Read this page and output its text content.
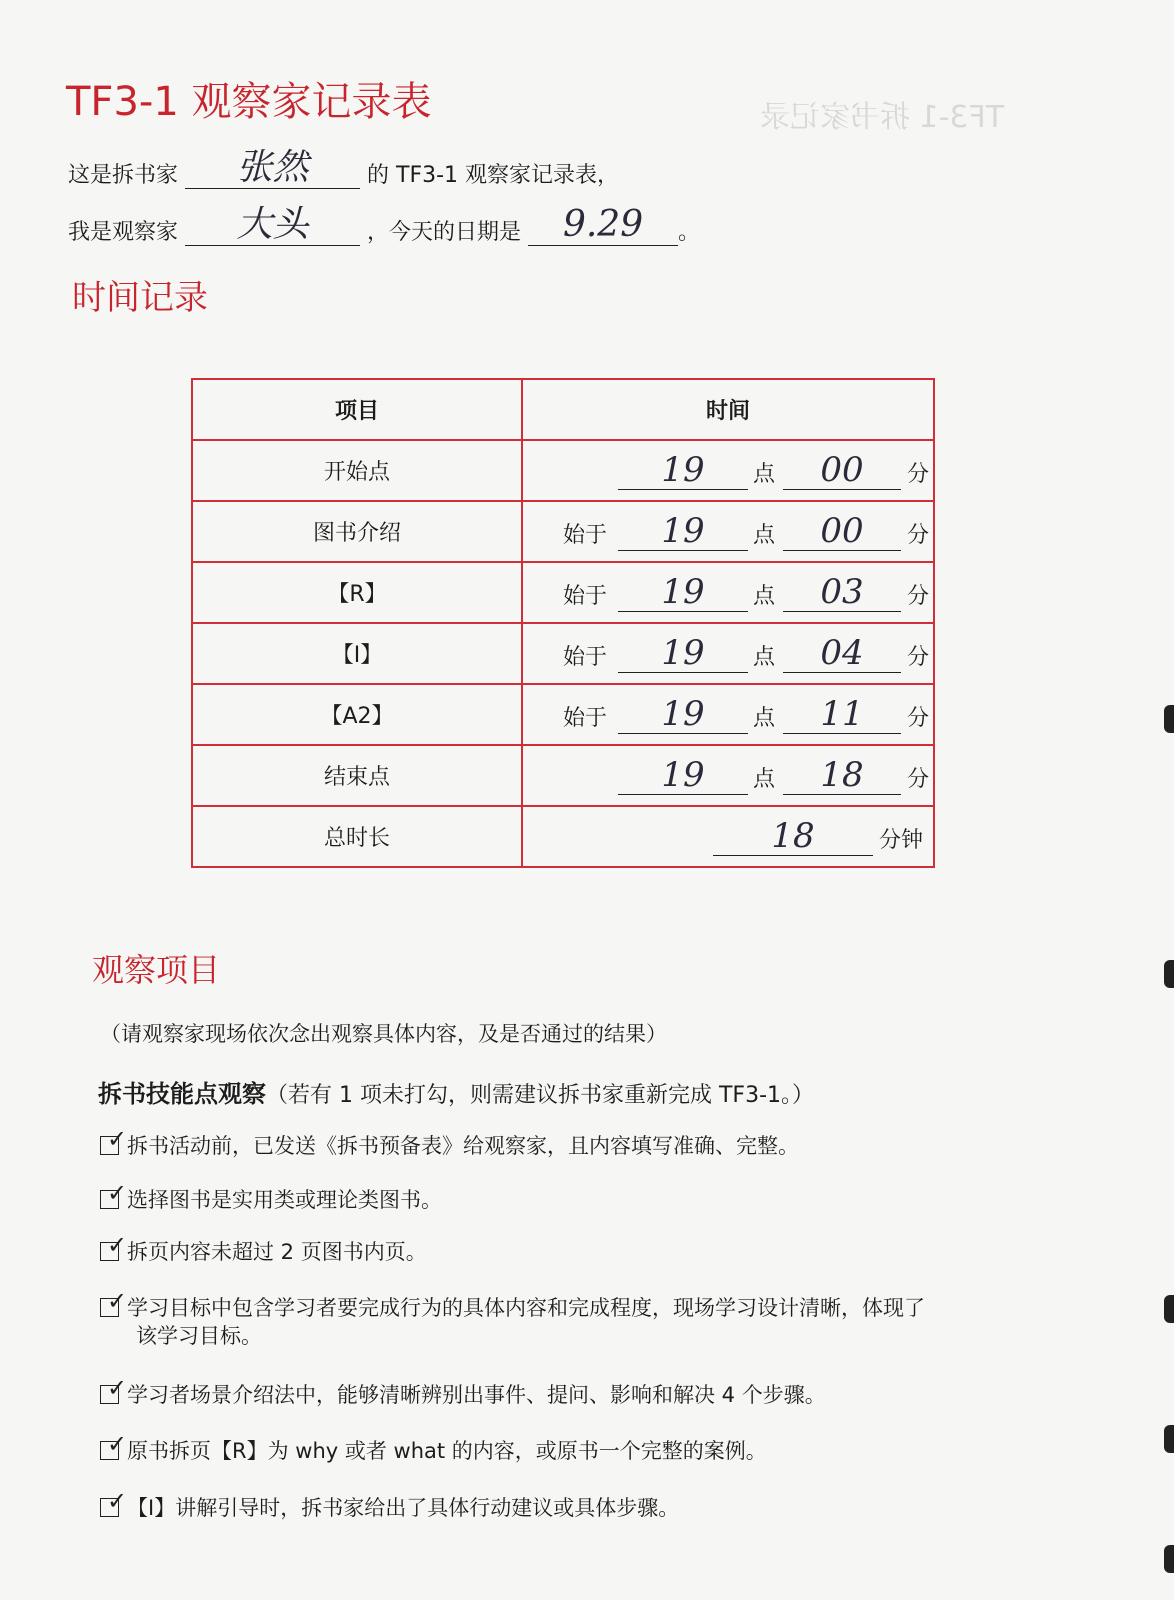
TF3-1 拆书家记录
TF3-1 观察家记录表
这是拆书家 张然	的 TF3-1 观察家记录表，
我是观察家 大头	，今天的日期是 9.29 。
时间记录
项目	时间
开始点	19 点 00 分

图书介绍	始于 19 点 00 分

【R】	始于 19 点 03 分

【I】	始于 19 点 04 分

【A2】	始于 19 点 11 分

结束点	19 点 18 分

总时长	18 分钟
观察项目
（请观察家现场依次念出观察具体内容，及是否通过的结果）
拆书技能点观察（若有 1 项未打勾，则需建议拆书家重新完成 TF3-1。）
✓ 拆书活动前，已发送《拆书预备表》给观察家，且内容填写准确、完整。
✓ 选择图书是实用类或理论类图书。
✓ 拆页内容未超过 2 页图书内页。
✓ 学习目标中包含学习者要完成行为的具体内容和完成程度，现场学习设计清晰，体现了
该学习目标。
✓ 学习者场景介绍法中，能够清晰辨别出事件、提问、影响和解决 4 个步骤。
✓ 原书拆页【R】为 why 或者 what 的内容，或原书一个完整的案例。
✓ 【I】讲解引导时，拆书家给出了具体行动建议或具体步骤。
